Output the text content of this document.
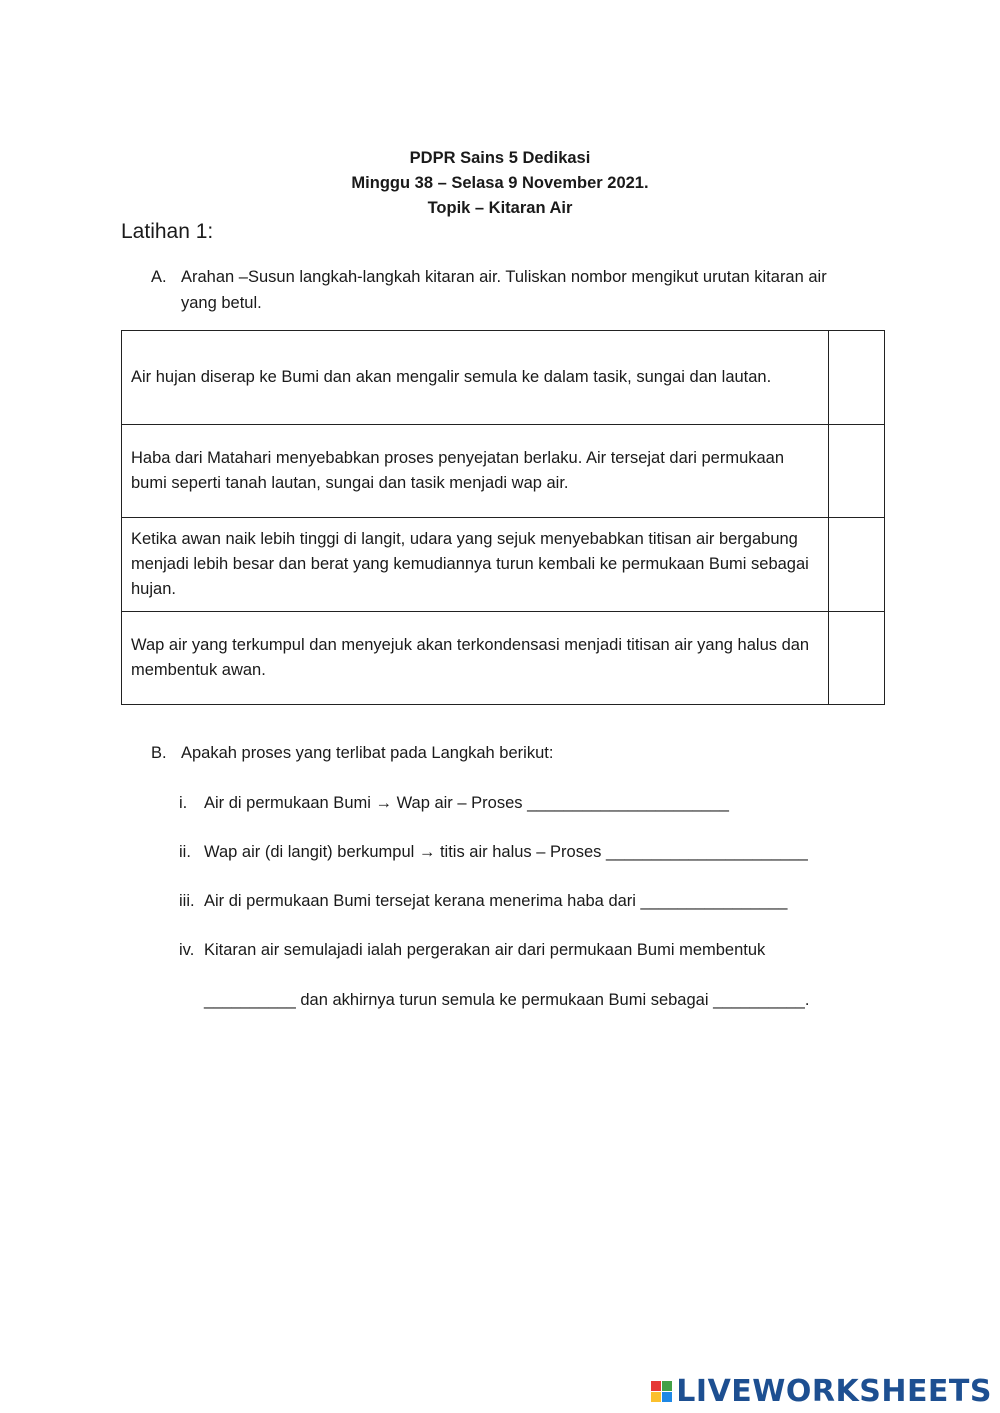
PDPR Sains 5 Dedikasi
Minggu 38 – Selasa 9 November 2021.
Topik – Kitaran Air
Latihan 1:
A. Arahan –Susun langkah-langkah kitaran air. Tuliskan nombor mengikut urutan kitaran air yang betul.
Air hujan diserap ke Bumi dan akan mengalir semula ke dalam tasik, sungai dan lautan.	
Haba dari Matahari menyebabkan proses penyejatan berlaku. Air tersejat dari permukaan bumi seperti tanah lautan, sungai dan tasik menjadi wap air.	
Ketika awan naik lebih tinggi di langit, udara yang sejuk menyebabkan titisan air bergabung menjadi lebih besar dan berat yang kemudiannya turun kembali ke permukaan Bumi sebagai hujan.	
Wap air yang terkumpul dan menyejuk akan terkondensasi menjadi titisan air yang halus dan membentuk awan.	
B. Apakah proses yang terlibat pada Langkah berikut:
i. Air di permukaan Bumi → Wap air – Proses ______________________
ii. Wap air (di langit) berkumpul → titis air halus – Proses ______________________
iii. Air di permukaan Bumi tersejat kerana menerima haba dari ________________
iv. Kitaran air semulajadi ialah pergerakan air dari permukaan Bumi membentuk
__________ dan akhirnya turun semula ke permukaan Bumi sebagai __________.
LIVEWORKSHEETS
